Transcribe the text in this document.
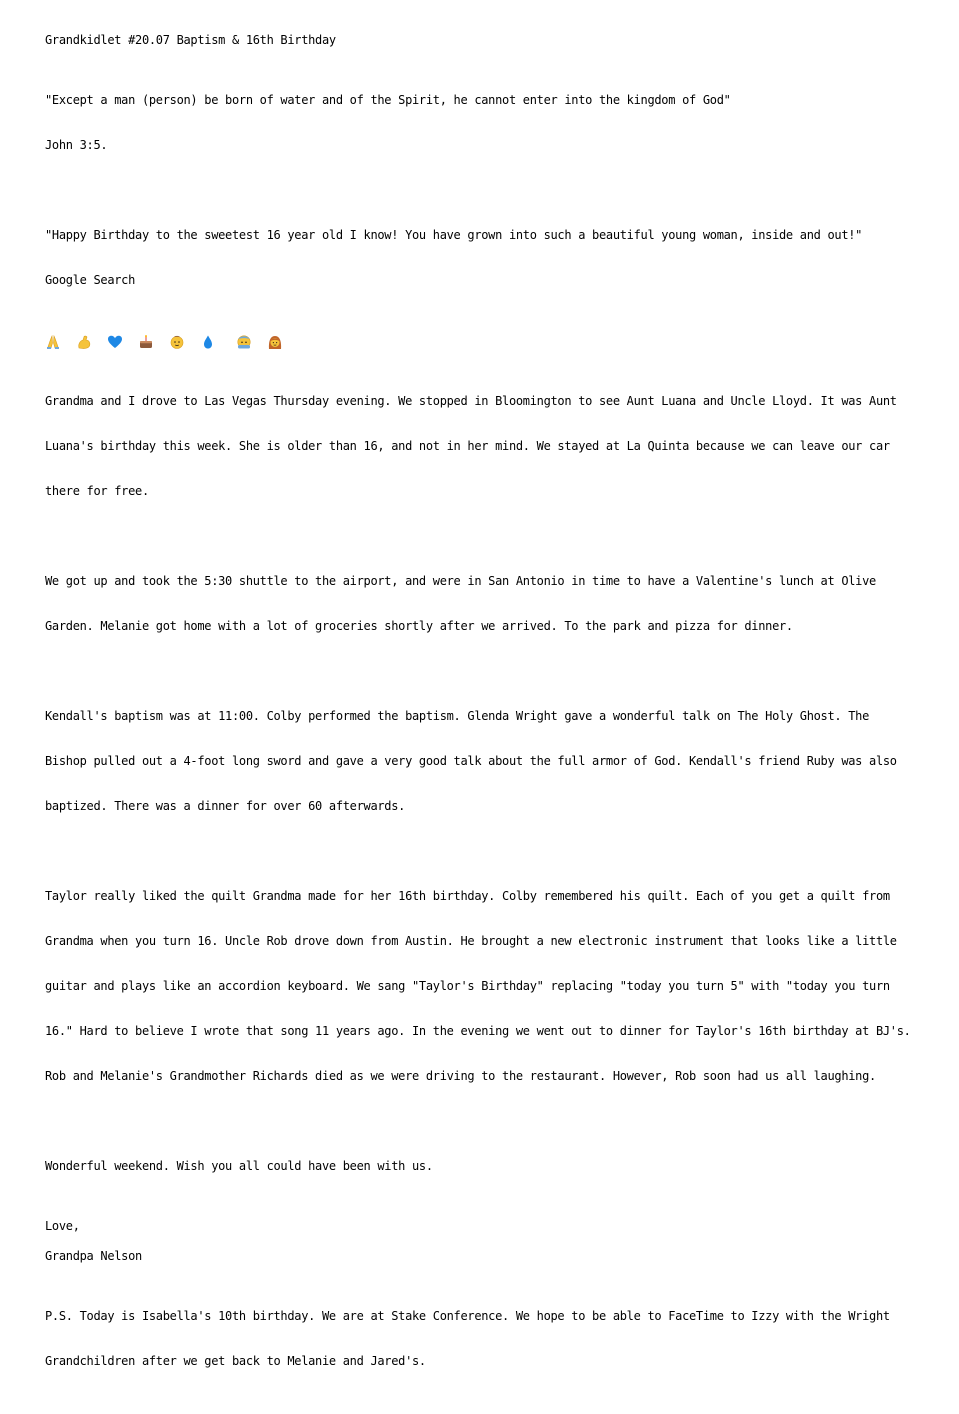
Grandkidlet #20.07 Baptism & 16th Birthday

"Except a man (person) be born of water and of the Spirit, he cannot enter into the kingdom of God"

John 3:5.

"Happy Birthday to the sweetest 16 year old I know! You have grown into such a beautiful young woman, inside and out!"

Google Search

Grandma and I drove to Las Vegas Thursday evening. We stopped in Bloomington to see Aunt Luana and Uncle Lloyd. It was Aunt

Luana's birthday this week. She is older than 16, and not in her mind. We stayed at La Quinta because we can leave our car

there for free.

We got up and took the 5:30 shuttle to the airport, and were in San Antonio in time to have a Valentine's lunch at Olive

Garden. Melanie got home with a lot of groceries shortly after we arrived. To the park and pizza for dinner.

Kendall's baptism was at 11:00. Colby performed the baptism. Glenda Wright gave a wonderful talk on The Holy Ghost. The

Bishop pulled out a 4-foot long sword and gave a very good talk about the full armor of God. Kendall's friend Ruby was also

baptized. There was a dinner for over 60 afterwards.

Taylor really liked the quilt Grandma made for her 16th birthday. Colby remembered his quilt. Each of you get a quilt from

Grandma when you turn 16. Uncle Rob drove down from Austin. He brought a new electronic instrument that looks like a little

guitar and plays like an accordion keyboard. We sang "Taylor's Birthday" replacing "today you turn 5" with "today you turn

16." Hard to believe I wrote that song 11 years ago. In the evening we went out to dinner for Taylor's 16th birthday at BJ's.

Rob and Melanie's Grandmother Richards died as we were driving to the restaurant. However, Rob soon had us all laughing.

Wonderful weekend. Wish you all could have been with us.

Love,
Grandpa Nelson

P.S. Today is Isabella's 10th birthday. We are at Stake Conference. We hope to be able to FaceTime to Izzy with the Wright

Grandchildren after we get back to Melanie and Jared's.
